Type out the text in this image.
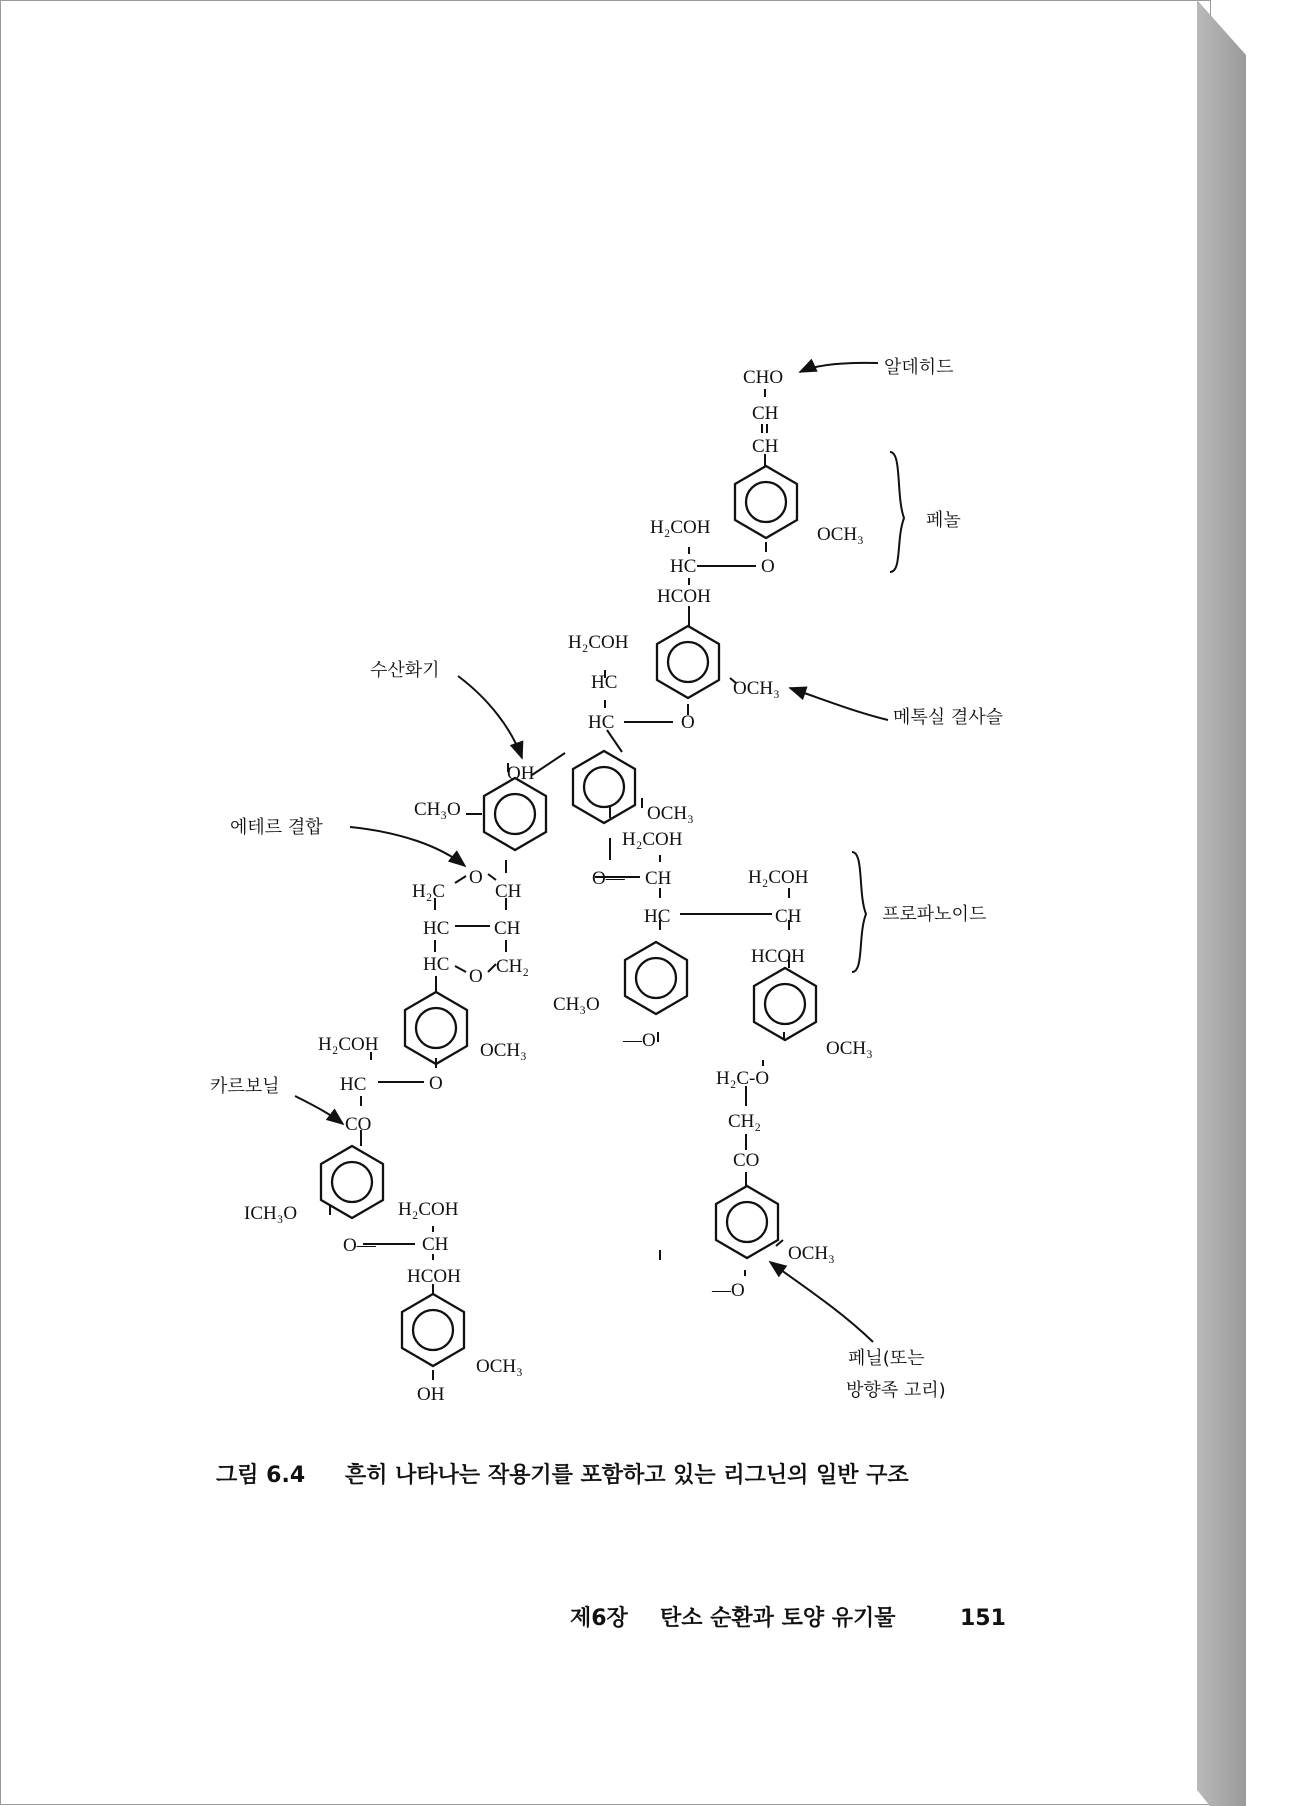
CHO
CH
CH
OCH₃
O
H₂COH
HC
HCOH
H₂COH
HC
HC	O
OCH₃
OH
CH₃O	OCH₃
H₂COH
O— CH
HC
H₂COH
CH
HCOH
CH₃O
—O	OCH₃
O
H₂C	CH
HC CH
HC
O CH₂
OCH₃
H₂COH
HC	O
CO
ICH₃O	H₂COH
O— CH
HCOH
OCH₃
OH
H₂C-O
CH₂
CO
OCH₃
—O
알데히드
페놀
메톡실 결사슬
수산화기
에테르 결합
프로파노이드
카르보닐
페닐(또는
방향족 고리)
그림 6.4 흔히 나타나는 작용기를 포함하고 있는 리그닌의 일반 구조
제6장 탄소 순환과 토양 유기물	151
